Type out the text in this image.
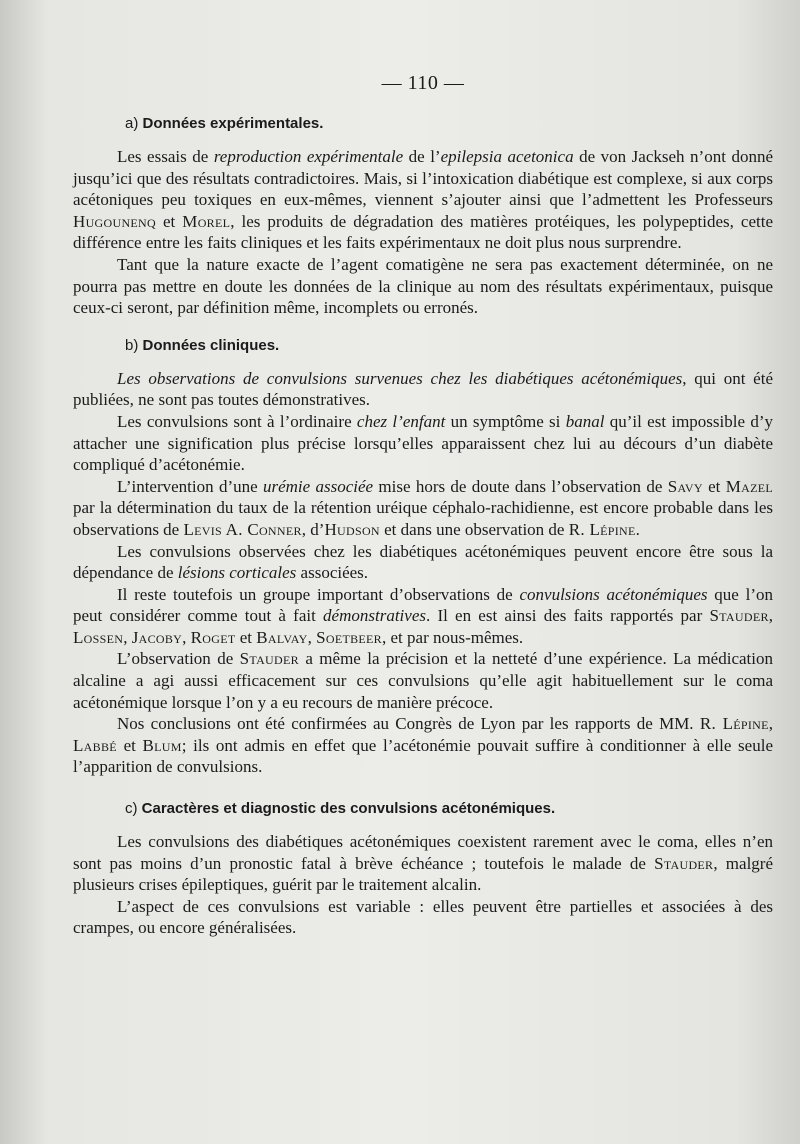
— 110 —
a) Données expérimentales.

Les essais de reproduction expérimentale de l’epilepsia acetonica de von Jackseh n’ont donné jusqu’ici que des résultats contradictoires. Mais, si l’intoxication diabétique est complexe, si aux corps acétoniques peu toxiques en eux-mêmes, viennent s’ajouter ainsi que l’admettent les Professeurs Hugounenq et Morel, les produits de dégradation des matières protéiques, les polypeptides, cette différence entre les faits cliniques et les faits expérimentaux ne doit plus nous surprendre.

Tant que la nature exacte de l’agent comatigène ne sera pas exactement déterminée, on ne pourra pas mettre en doute les données de la clinique au nom des résultats expérimentaux, puisque ceux-ci seront, par définition même, incomplets ou erronés.

b) Données cliniques.

Les observations de convulsions survenues chez les diabétiques acétonémiques, qui ont été publiées, ne sont pas toutes démonstratives.

Les convulsions sont à l’ordinaire chez l’enfant un symptôme si banal qu’il est impossible d’y attacher une signification plus précise lorsqu’elles apparaissent chez lui au décours d’un diabète compliqué d’acétonémie.

L’intervention d’une urémie associée mise hors de doute dans l’observation de Savy et Mazel par la détermination du taux de la rétention uréique céphalo-rachidienne, est encore probable dans les observations de Levis A. Conner, d’Hudson et dans une observation de R. Lépine.

Les convulsions observées chez les diabétiques acétonémiques peuvent encore être sous la dépendance de lésions corticales associées.

Il reste toutefois un groupe important d’observations de convulsions acétonémiques que l’on peut considérer comme tout à fait démonstratives. Il en est ainsi des faits rapportés par Stauder, Lossen, Jacoby, Roget et Balvay, Soetbeer, et par nous-mêmes.

L’observation de Stauder a même la précision et la netteté d’une expérience. La médication alcaline a agi aussi efficacement sur ces convulsions qu’elle agit habituellement sur le coma acétonémique lorsque l’on y a eu recours de manière précoce.

Nos conclusions ont été confirmées au Congrès de Lyon par les rapports de MM. R. Lépine, Labbé et Blum; ils ont admis en effet que l’acétonémie pouvait suffire à conditionner à elle seule l’apparition de convulsions.

c) Caractères et diagnostic des convulsions acétonémiques.

Les convulsions des diabétiques acétonémiques coexistent rarement avec le coma, elles n’en sont pas moins d’un pronostic fatal à brève échéance ; toutefois le malade de Stauder, malgré plusieurs crises épileptiques, guérit par le traitement alcalin.

L’aspect de ces convulsions est variable : elles peuvent être partielles et associées à des crampes, ou encore généralisées.
